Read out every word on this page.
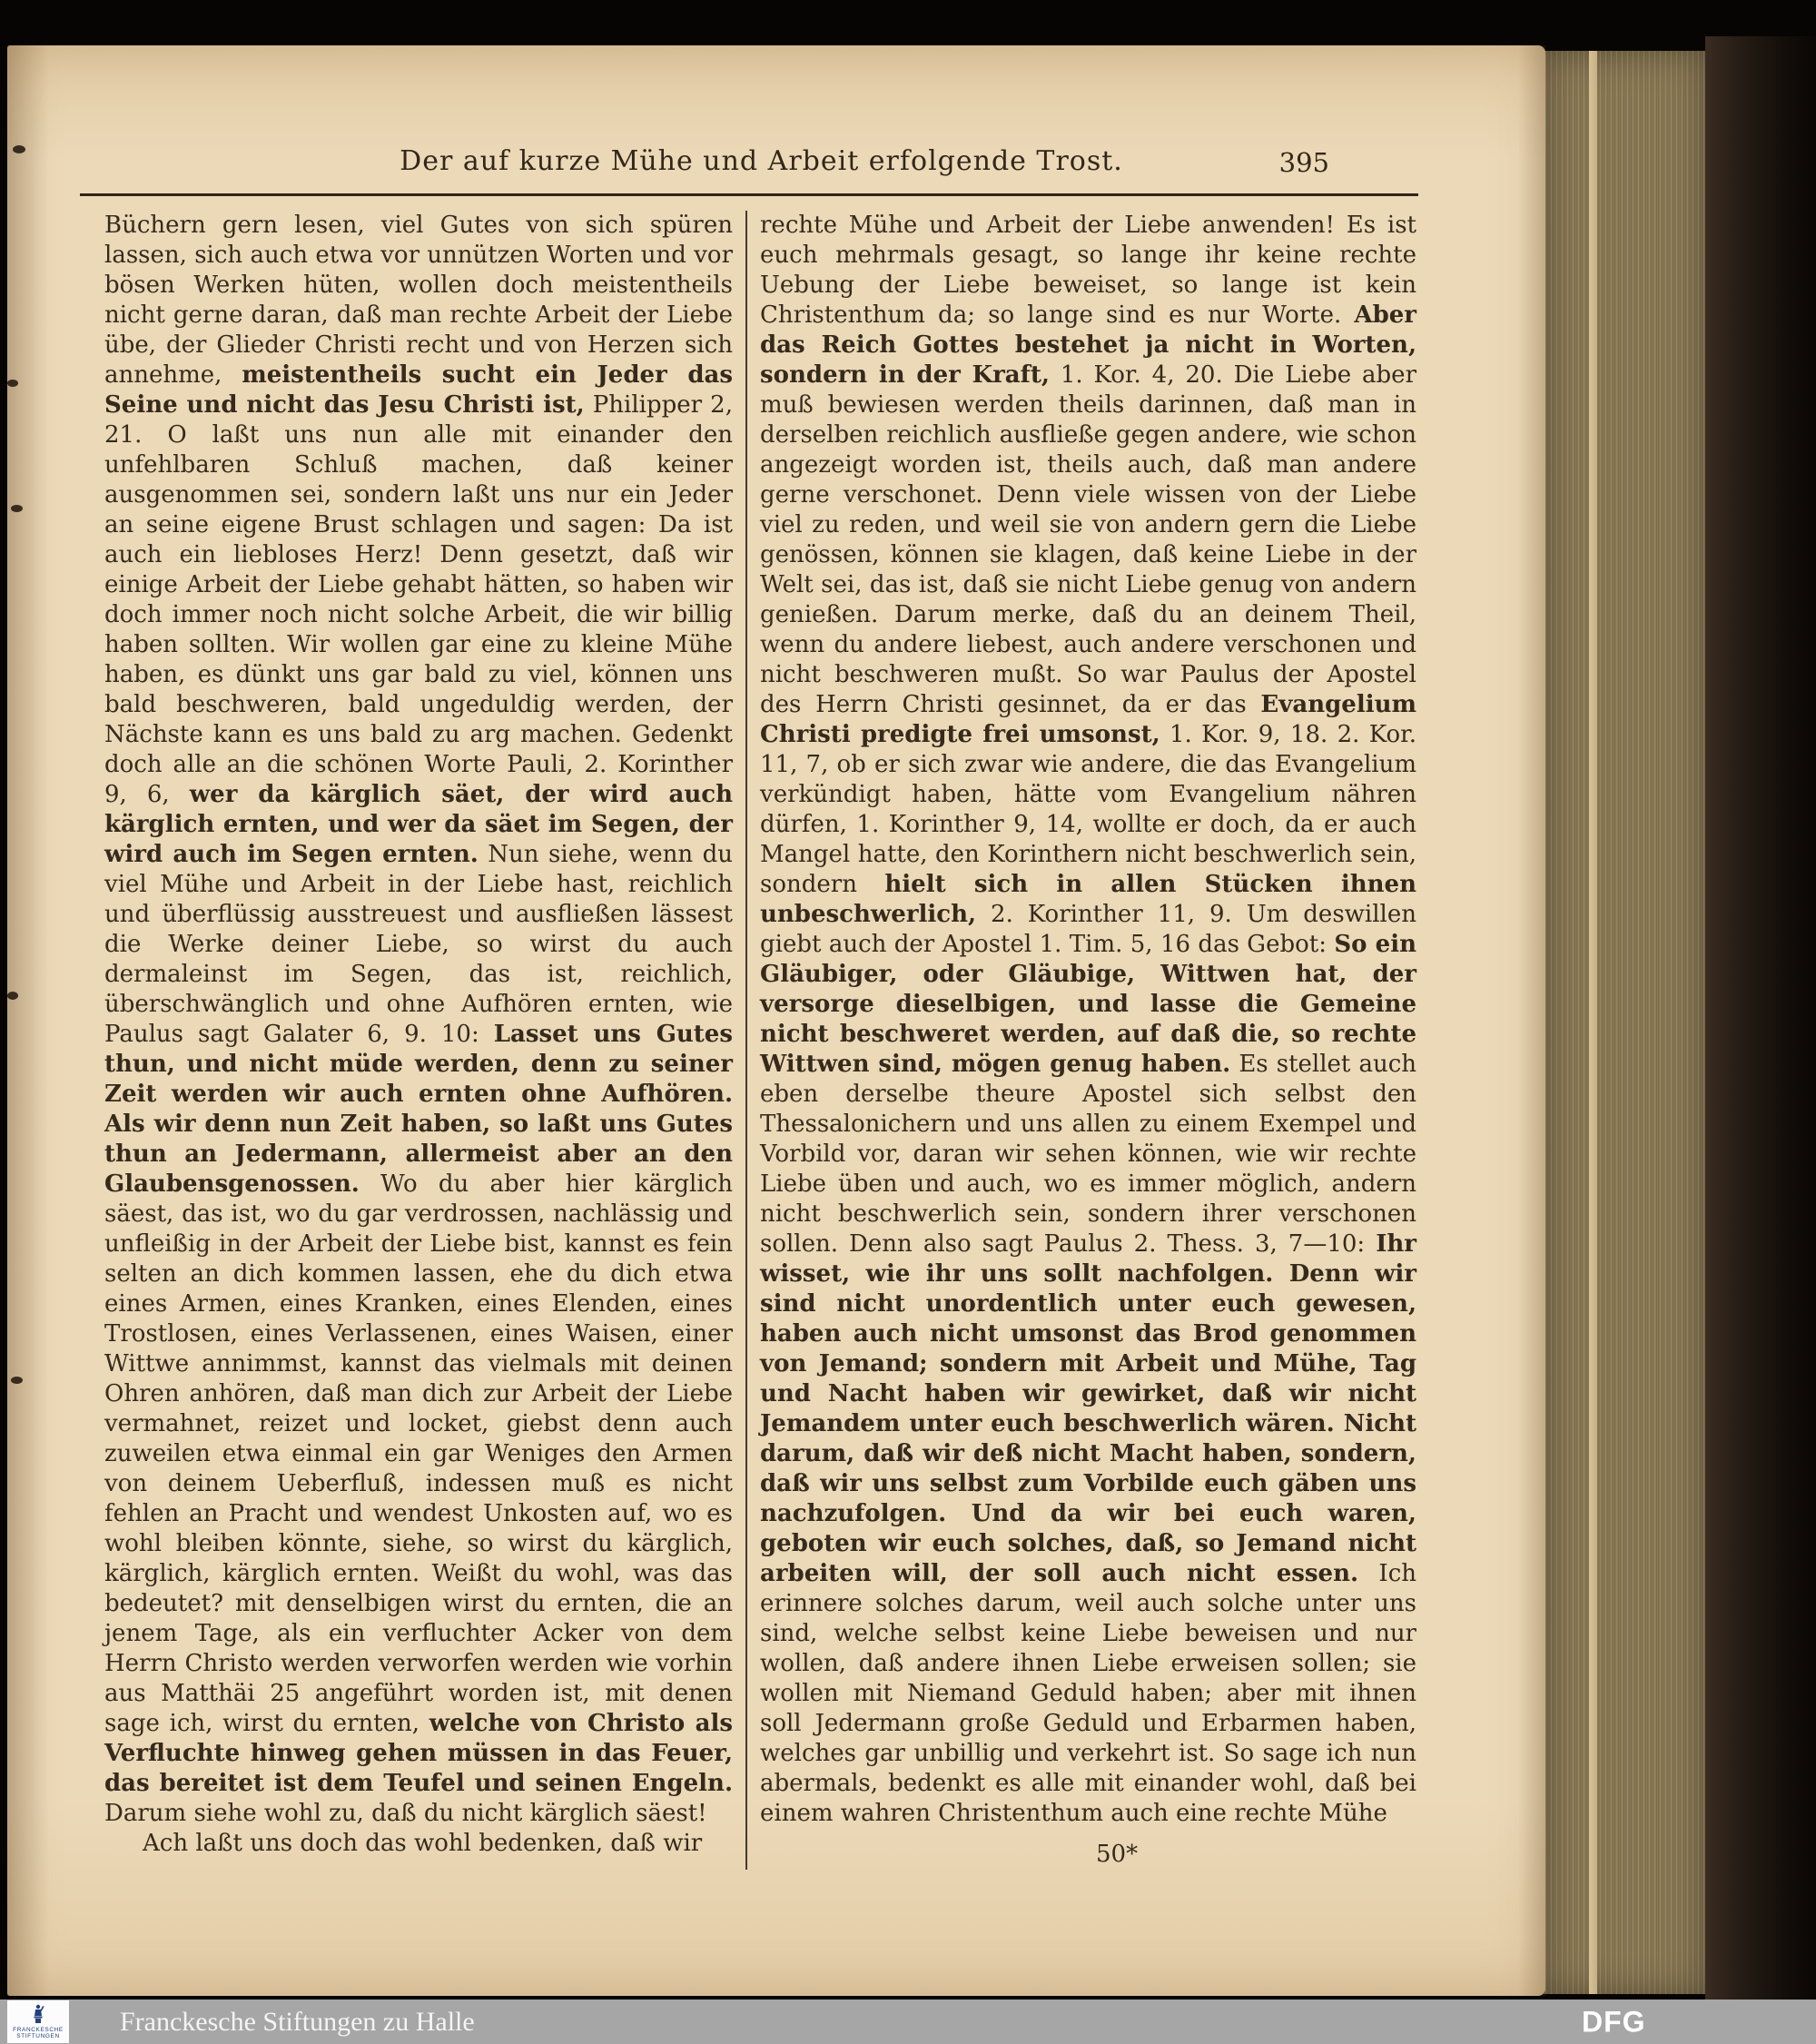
Der auf kurze Mühe und Arbeit erfolgende Trost.	395

Büchern gern lesen, viel Gutes von sich spüren lassen, sich auch etwa vor unnützen Worten und vor bösen Werken hüten, wollen doch meistentheils nicht gerne daran, daß man rechte Arbeit der Liebe übe, der Glieder Christi recht und von Herzen sich annehme, meistentheils sucht ein Jeder das Seine und nicht das Jesu Christi ist, Philipper 2, 21. O laßt uns nun alle mit einander den unfehlbaren Schluß machen, daß keiner ausgenommen sei, sondern laßt uns nur ein Jeder an seine eigene Brust schlagen und sagen: Da ist auch ein liebloses Herz! Denn gesetzt, daß wir einige Arbeit der Liebe gehabt hätten, so haben wir doch immer noch nicht solche Arbeit, die wir billig haben sollten. Wir wollen gar eine zu kleine Mühe haben, es dünkt uns gar bald zu viel, können uns bald beschweren, bald ungeduldig werden, der Nächste kann es uns bald zu arg machen. Gedenkt doch alle an die schönen Worte Pauli, 2. Korinther 9, 6, wer da kärglich säet, der wird auch kärglich ernten, und wer da säet im Segen, der wird auch im Segen ernten. Nun siehe, wenn du viel Mühe und Arbeit in der Liebe hast, reichlich und überflüssig ausstreuest und ausfließen lässest die Werke deiner Liebe, so wirst du auch dermaleinst im Segen, das ist, reichlich, überschwänglich und ohne Aufhören ernten, wie Paulus sagt Galater 6, 9. 10: Lasset uns Gutes thun, und nicht müde werden, denn zu seiner Zeit werden wir auch ernten ohne Aufhören. Als wir denn nun Zeit haben, so laßt uns Gutes thun an Jedermann, allermeist aber an den Glaubensgenossen. Wo du aber hier kärglich säest, das ist, wo du gar verdrossen, nachlässig und unfleißig in der Arbeit der Liebe bist, kannst es fein selten an dich kommen lassen, ehe du dich etwa eines Armen, eines Kranken, eines Elenden, eines Trostlosen, eines Verlassenen, eines Waisen, einer Wittwe annimmst, kannst das vielmals mit deinen Ohren anhören, daß man dich zur Arbeit der Liebe vermahnet, reizet und locket, giebst denn auch zuweilen etwa einmal ein gar Weniges den Armen von deinem Ueberfluß, indessen muß es nicht fehlen an Pracht und wendest Unkosten auf, wo es wohl bleiben könnte, siehe, so wirst du kärglich, kärglich, kärglich ernten. Weißt du wohl, was das bedeutet? mit denselbigen wirst du ernten, die an jenem Tage, als ein verfluchter Acker von dem Herrn Christo werden verworfen werden wie vorhin aus Matthäi 25 angeführt worden ist, mit denen sage ich, wirst du ernten, welche von Christo als Verfluchte hinweg gehen müssen in das Feuer, das bereitet ist dem Teufel und seinen Engeln. Darum siehe wohl zu, daß du nicht kärglich säest!

Ach laßt uns doch das wohl bedenken, daß wir

rechte Mühe und Arbeit der Liebe anwenden! Es ist euch mehrmals gesagt, so lange ihr keine rechte Uebung der Liebe beweiset, so lange ist kein Christenthum da; so lange sind es nur Worte. Aber das Reich Gottes bestehet ja nicht in Worten, sondern in der Kraft, 1. Kor. 4, 20. Die Liebe aber muß bewiesen werden theils darinnen, daß man in derselben reichlich ausfließe gegen andere, wie schon angezeigt worden ist, theils auch, daß man andere gerne verschonet. Denn viele wissen von der Liebe viel zu reden, und weil sie von andern gern die Liebe genössen, können sie klagen, daß keine Liebe in der Welt sei, das ist, daß sie nicht Liebe genug von andern genießen. Darum merke, daß du an deinem Theil, wenn du andere liebest, auch andere verschonen und nicht beschweren mußt. So war Paulus der Apostel des Herrn Christi gesinnet, da er das Evangelium Christi predigte frei umsonst, 1. Kor. 9, 18. 2. Kor. 11, 7, ob er sich zwar wie andere, die das Evangelium verkündigt haben, hätte vom Evangelium nähren dürfen, 1. Korinther 9, 14, wollte er doch, da er auch Mangel hatte, den Korinthern nicht beschwerlich sein, sondern hielt sich in allen Stücken ihnen unbeschwerlich, 2. Korinther 11, 9. Um deswillen giebt auch der Apostel 1. Tim. 5, 16 das Gebot: So ein Gläubiger, oder Gläubige, Wittwen hat, der versorge dieselbigen, und lasse die Gemeine nicht beschweret werden, auf daß die, so rechte Wittwen sind, mögen genug haben. Es stellet auch eben derselbe theure Apostel sich selbst den Thessalonichern und uns allen zu einem Exempel und Vorbild vor, daran wir sehen können, wie wir rechte Liebe üben und auch, wo es immer möglich, andern nicht beschwerlich sein, sondern ihrer verschonen sollen. Denn also sagt Paulus 2. Thess. 3, 7—10: Ihr wisset, wie ihr uns sollt nachfolgen. Denn wir sind nicht unordentlich unter euch gewesen, haben auch nicht umsonst das Brod genommen von Jemand; sondern mit Arbeit und Mühe, Tag und Nacht haben wir gewirket, daß wir nicht Jemandem unter euch beschwerlich wären. Nicht darum, daß wir deß nicht Macht haben, sondern, daß wir uns selbst zum Vorbilde euch gäben uns nachzufolgen. Und da wir bei euch waren, geboten wir euch solches, daß, so Jemand nicht arbeiten will, der soll auch nicht essen. Ich erinnere solches darum, weil auch solche unter uns sind, welche selbst keine Liebe beweisen und nur wollen, daß andere ihnen Liebe erweisen sollen; sie wollen mit Niemand Geduld haben; aber mit ihnen soll Jedermann große Geduld und Erbarmen haben, welches gar unbillig und verkehrt ist. So sage ich nun abermals, bedenkt es alle mit einander wohl, daß bei einem wahren Christenthum auch eine rechte Mühe

50*
FRANCKESCHE
STIFTUNGEN Franckesche Stiftungen zu Halle	DFG
